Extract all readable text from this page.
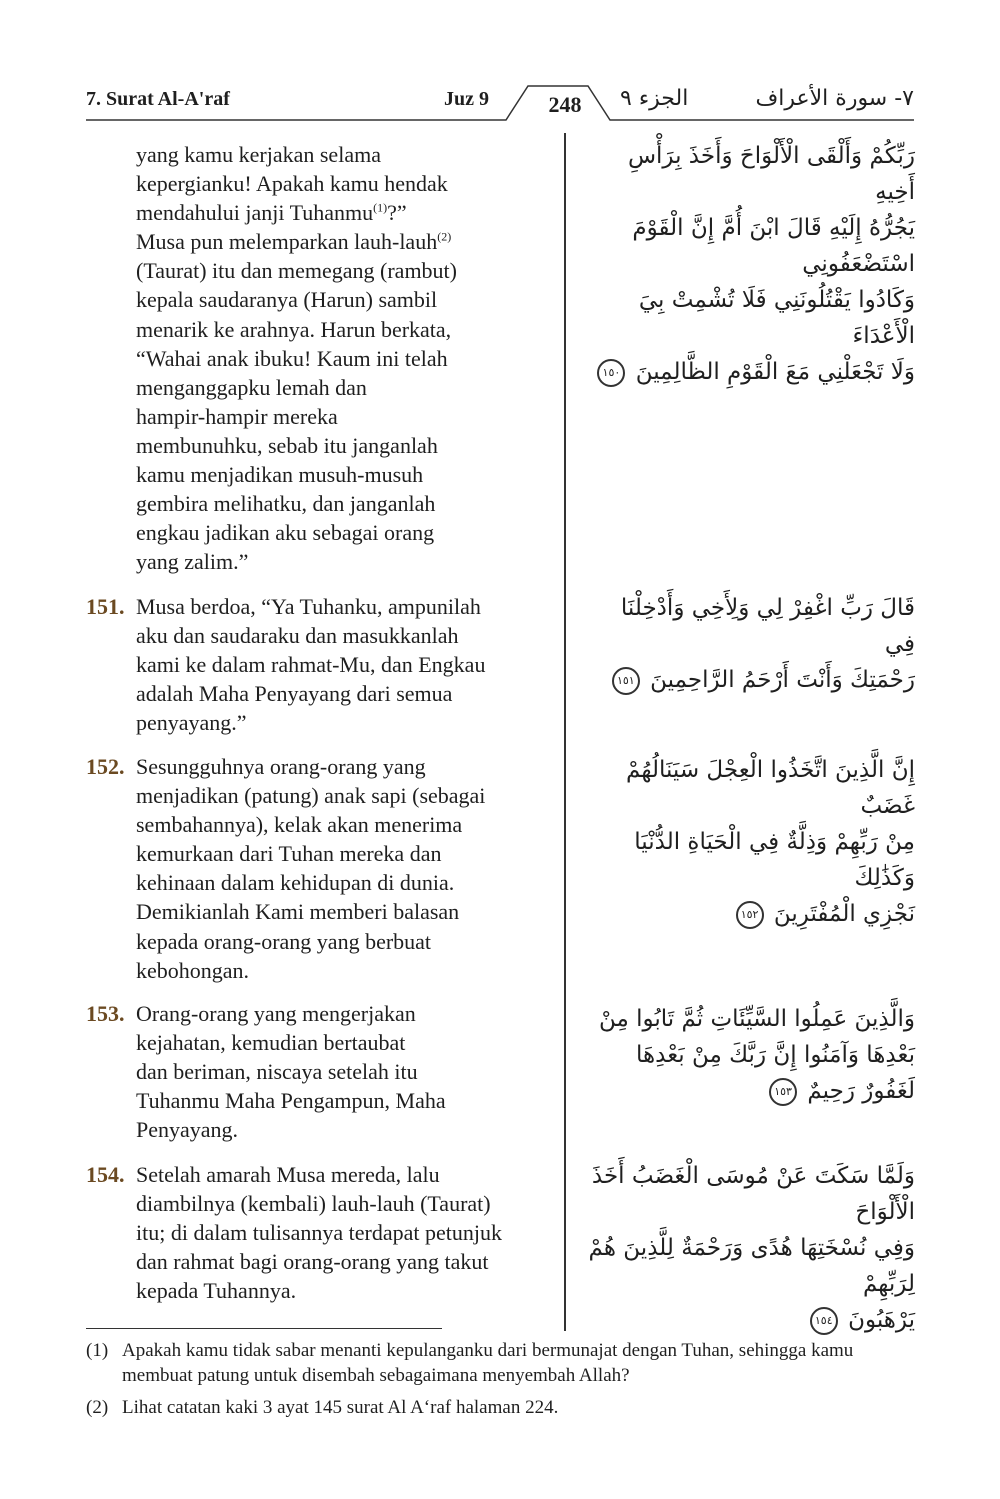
7. Surat Al-A'raf	Juz 9	248	الجزء ٩	٧- سورة الأعراف
yang kamu kerjakan selama
kepergianku! Apakah kamu hendak
mendahului janji Tuhanmu$^{(1)}$?”
Musa pun melemparkan lauh-lauh$^{(2)}$
(Taurat) itu dan memegang (rambut)
kepala saudaranya (Harun) sambil
menarik ke arahnya. Harun berkata,
“Wahai anak ibuku! Kaum ini telah
menganggapku lemah dan
hampir-hampir mereka
membunuhku, sebab itu janganlah
kamu menjadikan musuh-musuh
gembira melihatku, dan janganlah
engkau jadikan aku sebagai orang
yang zalim.”
رَبِّكُمْ وَأَلْقَى الْأَلْوَاحَ وَأَخَذَ بِرَأْسِ أَخِيهِ
يَجُرُّهُ إِلَيْهِ قَالَ ابْنَ أُمَّ إِنَّ الْقَوْمَ اسْتَضْعَفُونِي
وَكَادُوا يَقْتُلُونَنِي فَلَا تُشْمِتْ بِيَ الْأَعْدَاءَ
وَلَا تَجْعَلْنِي مَعَ الْقَوْمِ الظَّالِمِينَ ١٥٠
151. Musa berdoa, “Ya Tuhanku, ampunilah
aku dan saudaraku dan masukkanlah
kami ke dalam rahmat-Mu, dan Engkau
adalah Maha Penyayang dari semua
penyayang.”
قَالَ رَبِّ اغْفِرْ لِي وَلِأَخِي وَأَدْخِلْنَا فِي
رَحْمَتِكَ وَأَنْتَ أَرْحَمُ الرَّاحِمِينَ ١٥١
152. Sesungguhnya orang-orang yang
menjadikan (patung) anak sapi (sebagai
sembahannya), kelak akan menerima
kemurkaan dari Tuhan mereka dan
kehinaan dalam kehidupan di dunia.
Demikianlah Kami memberi balasan
kepada orang-orang yang berbuat
kebohongan.
إِنَّ الَّذِينَ اتَّخَذُوا الْعِجْلَ سَيَنَالُهُمْ غَضَبٌ
مِنْ رَبِّهِمْ وَذِلَّةٌ فِي الْحَيَاةِ الدُّنْيَا وَكَذَٰلِكَ
نَجْزِي الْمُفْتَرِينَ ١٥٢
153. Orang-orang yang mengerjakan
kejahatan, kemudian bertaubat
dan beriman, niscaya setelah itu
Tuhanmu Maha Pengampun, Maha
Penyayang.
وَالَّذِينَ عَمِلُوا السَّيِّئَاتِ ثُمَّ تَابُوا مِنْ
بَعْدِهَا وَآمَنُوا إِنَّ رَبَّكَ مِنْ بَعْدِهَا
لَغَفُورٌ رَحِيمٌ ١٥٣
154. Setelah amarah Musa mereda, lalu
diambilnya (kembali) lauh-lauh (Taurat)
itu; di dalam tulisannya terdapat petunjuk
dan rahmat bagi orang-orang yang takut
kepada Tuhannya.
وَلَمَّا سَكَتَ عَنْ مُوسَى الْغَضَبُ أَخَذَ الْأَلْوَاحَ
وَفِي نُسْخَتِهَا هُدًى وَرَحْمَةٌ لِلَّذِينَ هُمْ لِرَبِّهِمْ
يَرْهَبُونَ ١٥٤
(1) Apakah kamu tidak sabar menanti kepulanganku dari bermunajat dengan Tuhan, sehingga kamu membuat patung untuk disembah sebagaimana menyembah Allah?
(2) Lihat catatan kaki 3 ayat 145 surat Al A‘raf halaman 224.
